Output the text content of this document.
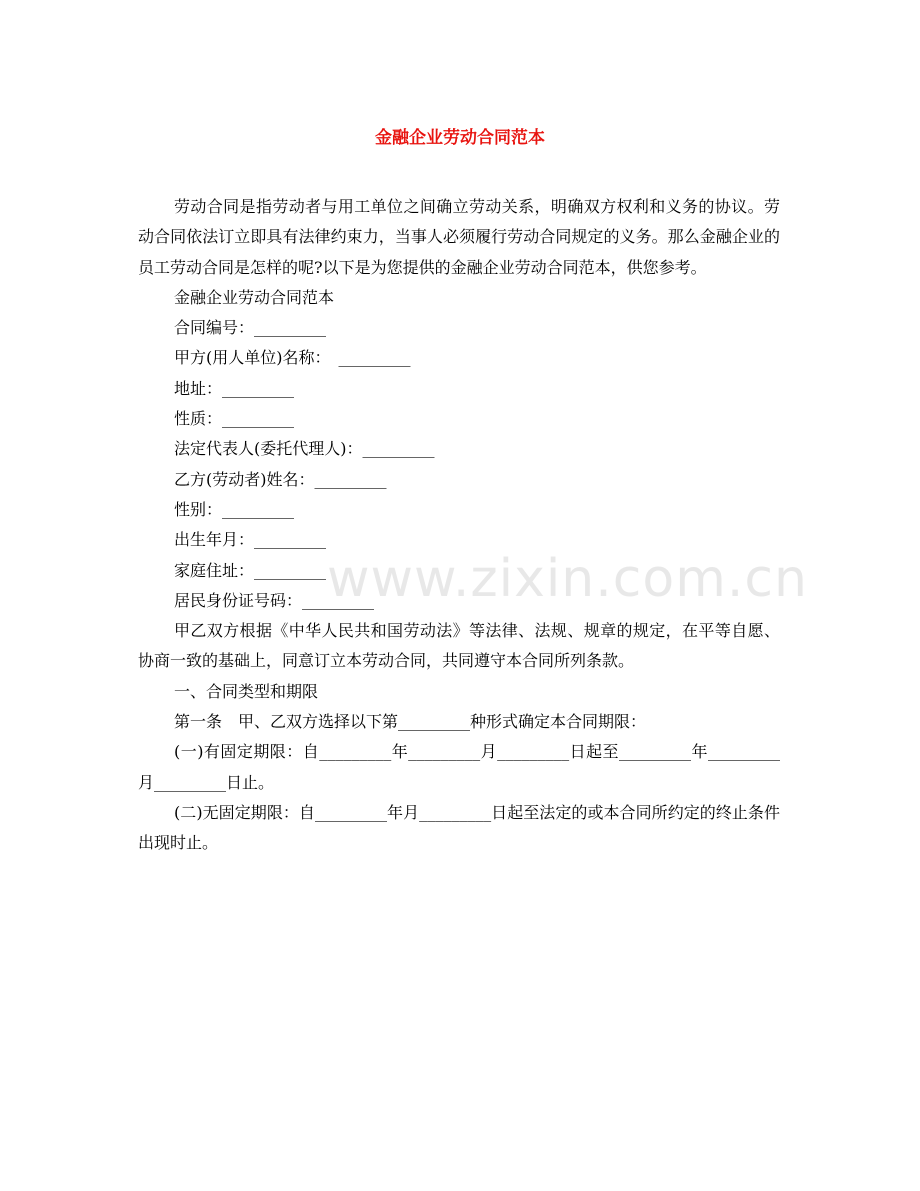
金融企业劳动合同范本
www.zixin.com.cn

劳动合同是指劳动者与用工单位之间确立劳动关系，明确双方权利和义务的协议。劳动合同依法订立即具有法律约束力，当事人必须履行劳动合同规定的义务。那么金融企业的员工劳动合同是怎样的呢?以下是为您提供的金融企业劳动合同范本，供您参考。

金融企业劳动合同范本

合同编号：_________

甲方(用人单位)名称：　_________

地址：_________

性质：_________

法定代表人(委托代理人)：_________

乙方(劳动者)姓名：_________

性别：_________

出生年月：_________

家庭住址：_________

居民身份证号码：_________

甲乙双方根据《中华人民共和国劳动法》等法律、法规、规章的规定，在平等自愿、协商一致的基础上，同意订立本劳动合同，共同遵守本合同所列条款。

一、合同类型和期限

第一条　甲、乙双方选择以下第_________种形式确定本合同期限：

(一)有固定期限：自_________年_________月_________日起至_________年_________月_________日止。

(二)无固定期限：自_________年月_________日起至法定的或本合同所约定的终止条件出现时止。
